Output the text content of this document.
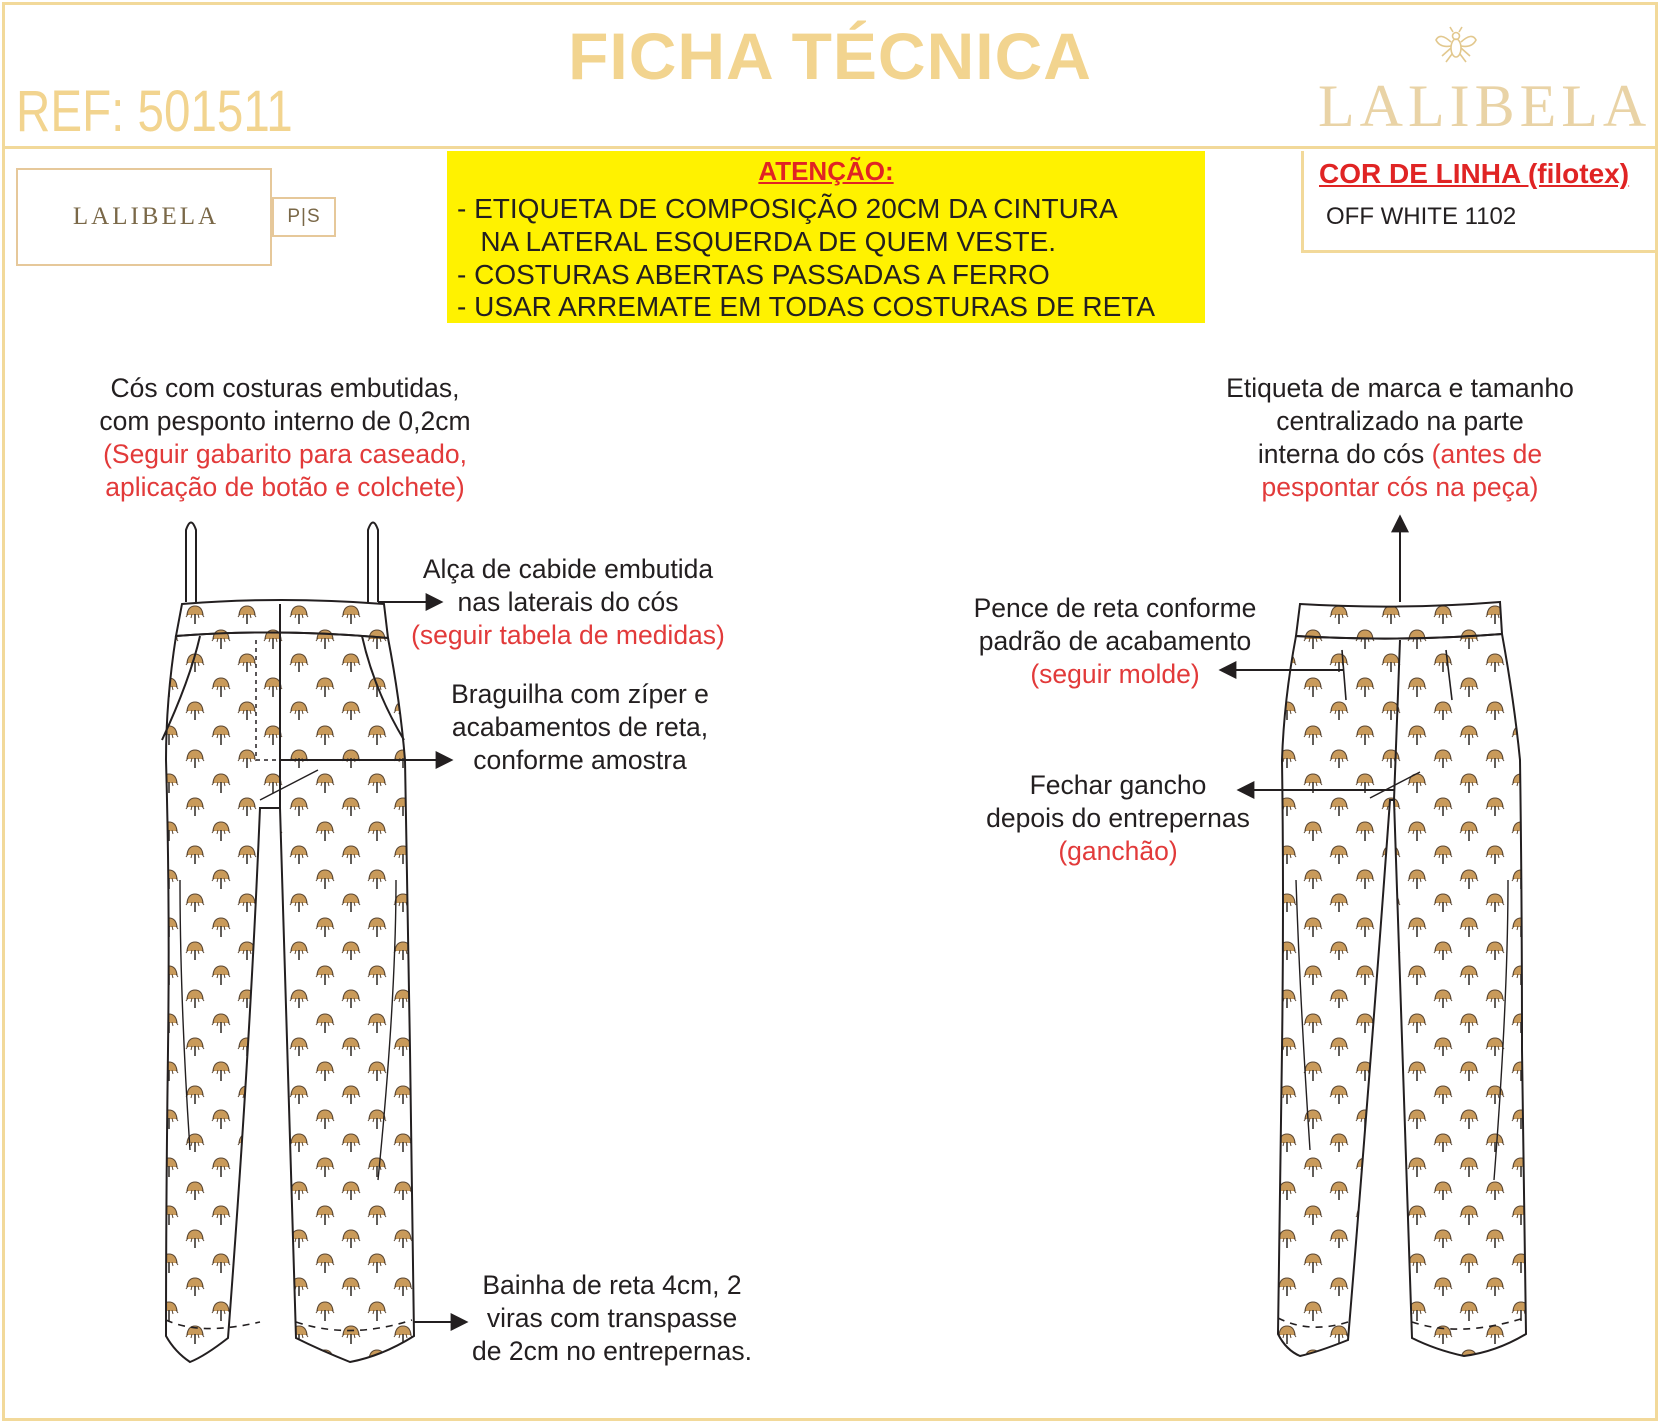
FICHA TÉCNICA
REF: 501511	LALIBELA
LALIBELA	P|S
ATENÇÃO:
- ETIQUETA DE COMPOSIÇÃO 20CM DA CINTURA
NA LATERAL ESQUERDA DE QUEM VESTE.
- COSTURAS ABERTAS PASSADAS A FERRO
- USAR ARREMATE EM TODAS COSTURAS DE RETA
COR DE LINHA (filotex)
OFF WHITE 1102
Cós com costuras embutidas,
com pesponto interno de 0,2cm
(Seguir gabarito para caseado,
aplicação de botão e colchete)
Alça de cabide embutida
nas laterais do cós
(seguir tabela de medidas)
Braguilha com zíper e
acabamentos de reta,
conforme amostra
Bainha de reta 4cm, 2
viras com transpasse
de 2cm no entrepernas.
Etiqueta de marca e tamanho
centralizado na parte
interna do cós (antes de
pespontar cós na peça)
Pence de reta conforme
padrão de acabamento
(seguir molde)
Fechar gancho
depois do entrepernas
(ganchão)
